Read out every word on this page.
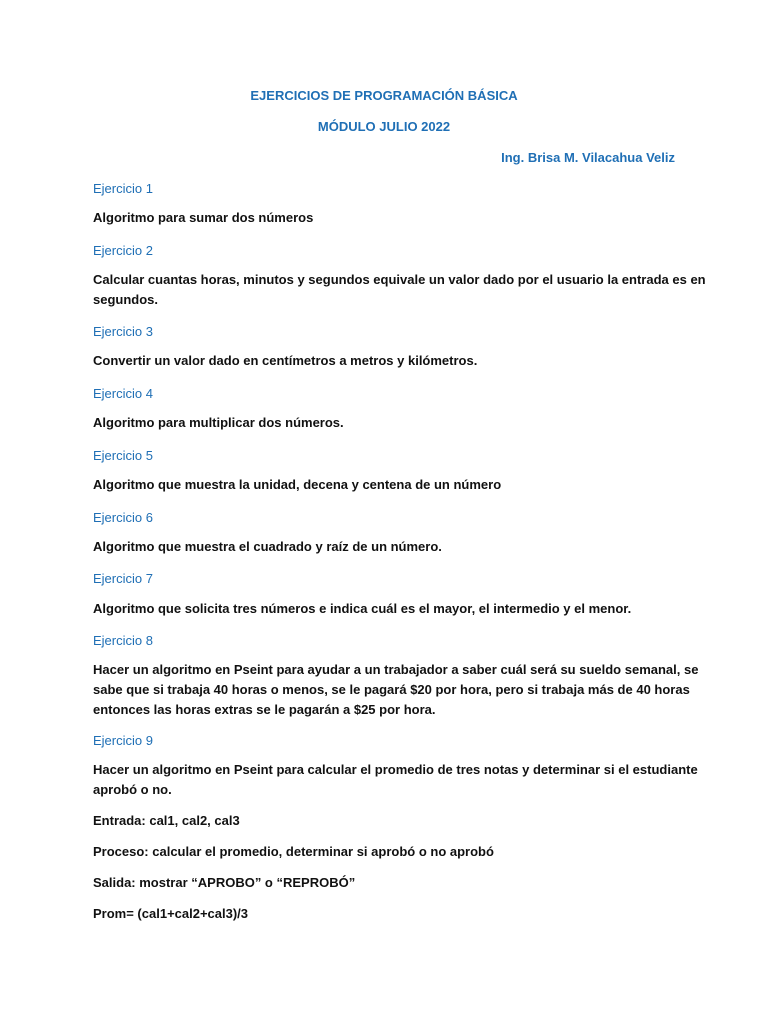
EJERCICIOS DE PROGRAMACIÓN BÁSICA
MÓDULO JULIO 2022
Ing. Brisa M. Vilacahua Veliz
Ejercicio 1
Algoritmo para sumar dos números
Ejercicio 2
Calcular cuantas horas, minutos y segundos equivale un valor dado por el usuario la entrada es en
segundos.
Ejercicio 3
Convertir un valor dado en centímetros a metros y kilómetros.
Ejercicio 4
Algoritmo para multiplicar dos números.
Ejercicio 5
Algoritmo que muestra la unidad, decena y centena de un número
Ejercicio 6
Algoritmo que muestra el cuadrado y raíz de un número.
Ejercicio 7
Algoritmo que solicita tres números e indica cuál es el mayor, el intermedio y el menor.
Ejercicio 8
Hacer un algoritmo en Pseint para ayudar a un trabajador a saber cuál será su sueldo semanal, se
sabe que si trabaja 40 horas o menos, se le pagará $20 por hora, pero si trabaja más de 40 horas
entonces las horas extras se le pagarán a $25 por hora.
Ejercicio 9
Hacer un algoritmo en Pseint para calcular el promedio de tres notas y determinar si el estudiante
aprobó o no.
Entrada: cal1, cal2, cal3
Proceso: calcular el promedio, determinar si aprobó o no aprobó
Salida: mostrar “APROBO” o “REPROBÓ”
Prom= (cal1+cal2+cal3)/3
